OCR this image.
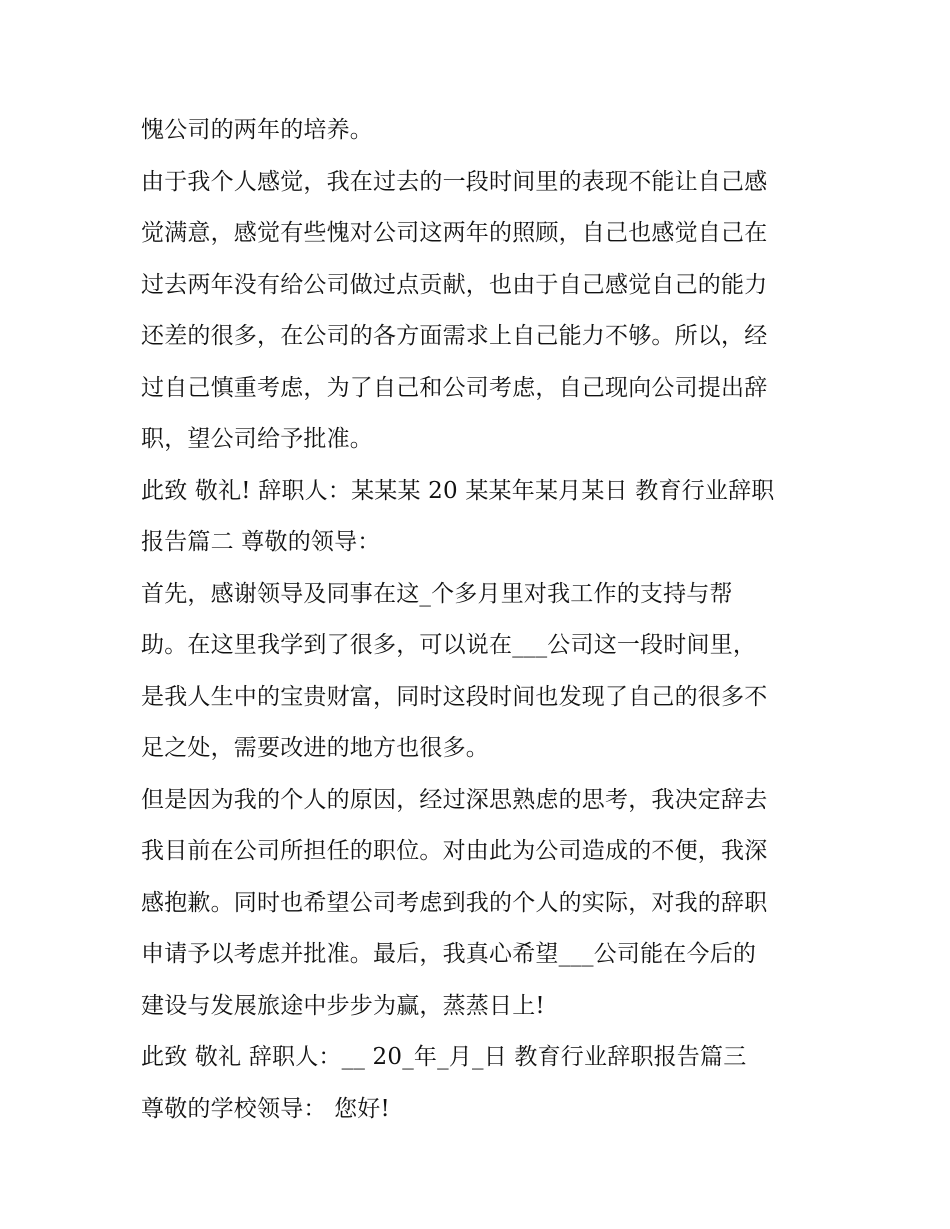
愧公司的两年的培养。
由于我个人感觉，我在过去的一段时间里的表现不能让自己感
觉满意，感觉有些愧对公司这两年的照顾，自己也感觉自己在
过去两年没有给公司做过点贡献，也由于自己感觉自己的能力
还差的很多，在公司的各方面需求上自己能力不够。所以，经
过自己慎重考虑，为了自己和公司考虑，自己现向公司提出辞
职，望公司给予批准。
此致 敬礼! 辞职人：某某某 20 某某年某月某日 教育行业辞职
报告篇二 尊敬的领导：
首先，感谢领导及同事在这_个多月里对我工作的支持与帮
助。在这里我学到了很多，可以说在___公司这一段时间里，
是我人生中的宝贵财富，同时这段时间也发现了自己的很多不
足之处，需要改进的地方也很多。
但是因为我的个人的原因，经过深思熟虑的思考，我决定辞去
我目前在公司所担任的职位。对由此为公司造成的不便，我深
感抱歉。同时也希望公司考虑到我的个人的实际，对我的辞职
申请予以考虑并批准。最后，我真心希望___公司能在今后的
建设与发展旅途中步步为赢，蒸蒸日上!
此致 敬礼 辞职人：__ 20_年_月_日 教育行业辞职报告篇三
尊敬的学校领导： 您好!
